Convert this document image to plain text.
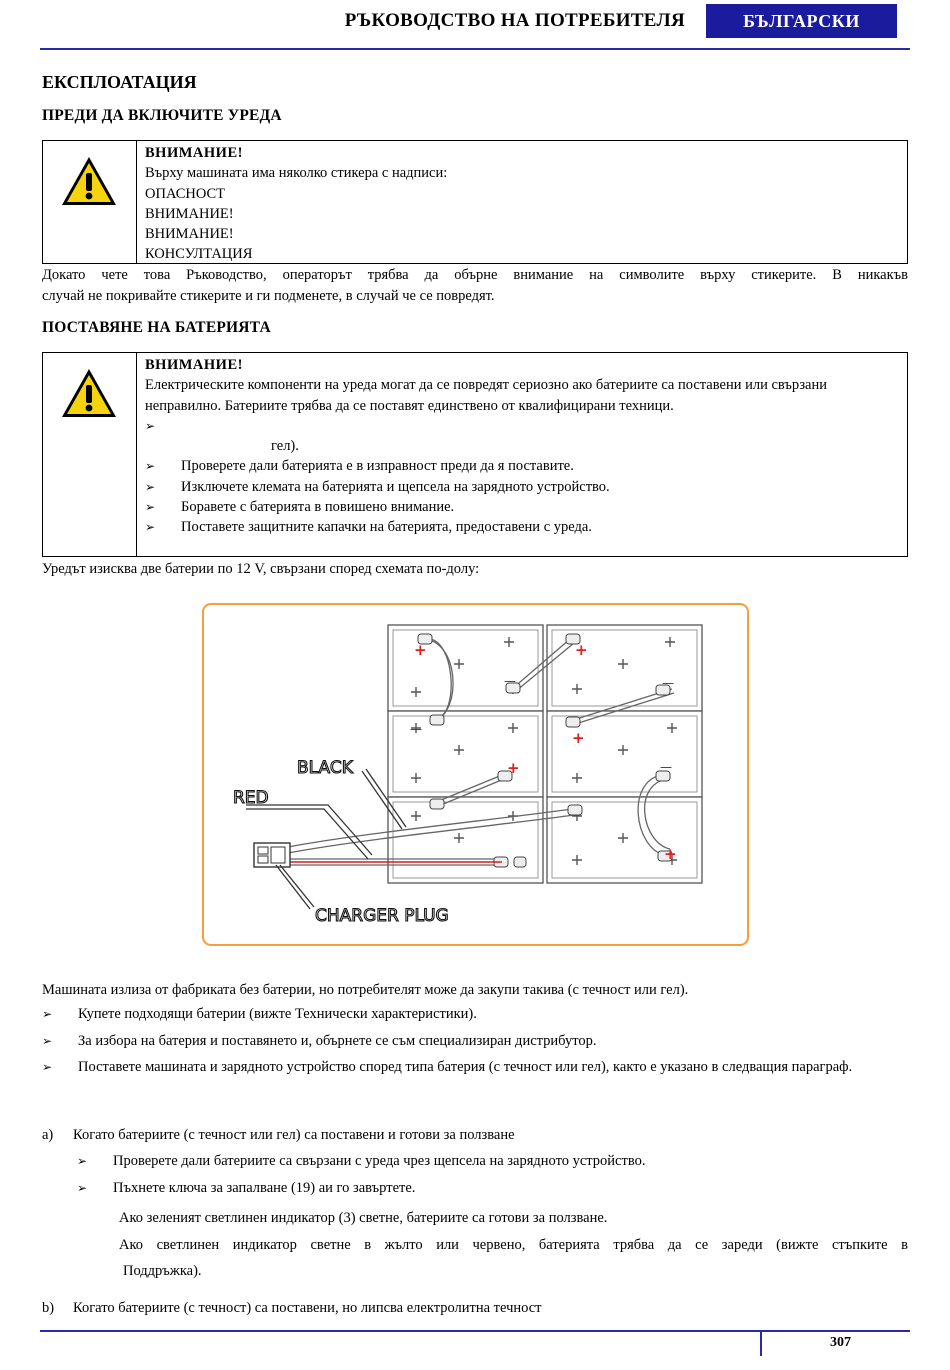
РЪКОВОДСТВО НА ПОТРЕБИТЕЛЯ	БЪЛГАРСКИ
ЕКСПЛОАТАЦИЯ
ПРЕДИ ДА ВКЛЮЧИТЕ УРЕДА
ВНИМАНИЕ!
Върху машината има няколко стикера с надписи:
ОПАСНОСТ
ВНИМАНИЕ!
ВНИМАНИЕ!
КОНСУЛТАЦИЯ
Докато чете това Ръководство, операторът трябва да обърне внимание на символите върху стикерите. В никакъв
случай не покривайте стикерите и ги подменете, в случай че се повредят.
ПОСТАВЯНЕ НА БАТЕРИЯТА
ВНИМАНИЕ!
Електрическите компоненти на уреда могат да се повредят сериозно ако батериите са поставени или свързани
неправилно. Батериите трябва да се поставят единствено от квалифицирани техници.
➢
гел).
➢ Проверете дали батерията е в изправност преди да я поставите.
➢ Изключете клемата на батерията и щепсела на зарядното устройство.
➢ Боравете с батерията в повишено внимание.
➢ Поставете защитните капачки на батерията, предоставени с уреда.
Уредът изисква две батерии по 12 V, свързани според схемата по-долу:
+	+
+
+
+
—
—
—
—
BLACK
RED
CHARGER PLUG
Машината излиза от фабриката без батерии, но потребителят може да закупи такива (с течност или гел).
➢ Купете подходящи батерии (вижте Технически характеристики).
➢ За избора на батерия и поставянето и, обърнете се съм специализиран дистрибутор.
➢ Поставете машината и зарядното устройство според типа батерия (с течност или гел), както е указано в следващия параграф.
a) Когато батериите (с течност или гел) са поставени и готови за ползване
➢ Проверете дали батериите са свързани с уреда чрез щепсела на зарядното устройство.
➢ Пъхнете ключа за запалване (19) аи го завъртете.
Ако зеленият светлинен индикатор (3) светне, батериите са готови за ползване.
Ако светлинен индикатор светне в жълто или червено, батерията трябва да се зареди (вижте стъпките в
Поддръжка).
b) Когато батериите (с течност) са поставени, но липсва електролитна течност
307
